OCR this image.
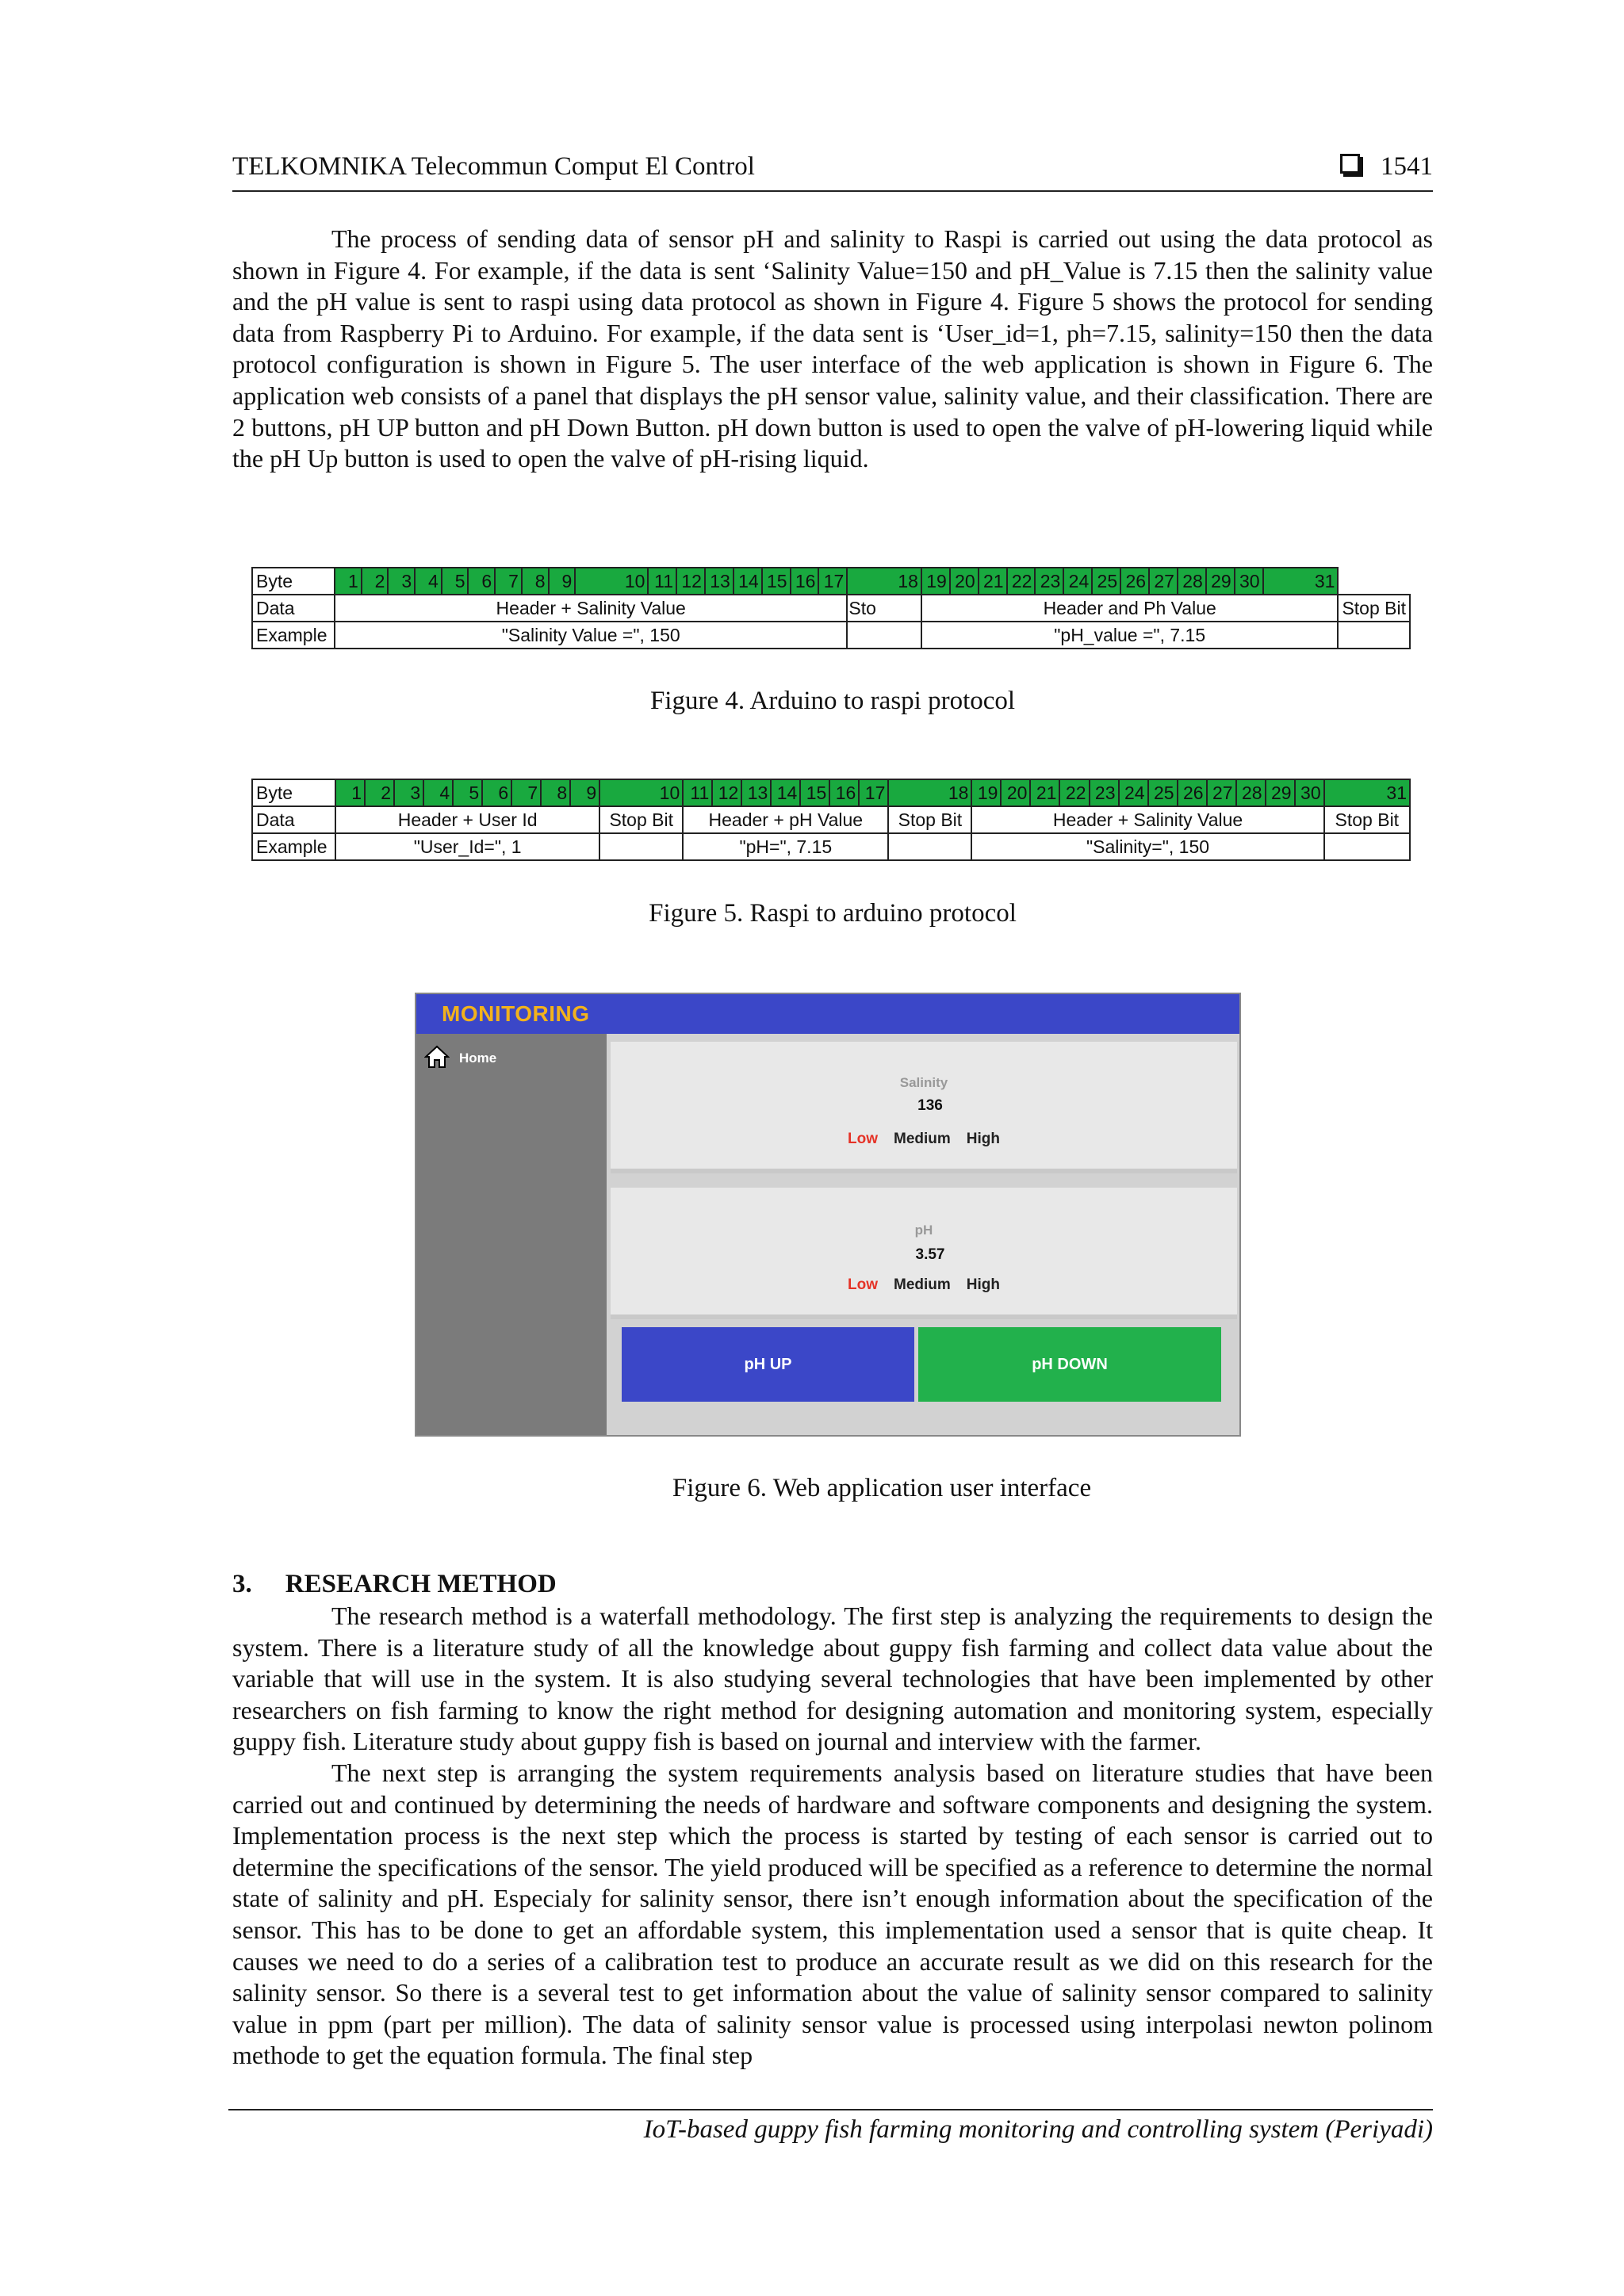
TELKOMNIKA Telecommun Comput El Control	1541

The process of sending data of sensor pH and salinity to Raspi is carried out using the data protocol as shown in Figure 4. For example, if the data is sent ‘Salinity Value=150 and pH_Value is 7.15 then the salinity value and the pH value is sent to raspi using data protocol as shown in Figure 4. Figure 5 shows the protocol for sending data from Raspberry Pi to Arduino. For example, if the data sent is ‘User_id=1, ph=7.15, salinity=150 then the data protocol configuration is shown in Figure 5. The user interface of the web application is shown in Figure 6. The application web consists of a panel that displays the pH sensor value, salinity value, and their classification. There are 2 buttons, pH UP button and pH Down Button. pH down button is used to open the valve of pH-lowering liquid while the pH Up button is used to open the valve of pH-rising liquid.

Byte	1	2	3	4	5	6	7	8	9	10	11	12	13	14	15	16	17	18	19	20	21	22	23	24	25	26	27	28	29	30	31	
Data	Header + Salinity Value																	Sto	Header and Ph Value													Stop Bit
Example	"Salinity Value =", 150																		"pH_value =", 7.15													
Figure 4. Arduino to raspi protocol
Byte	1	2	3	4	5	6	7	8	9	10	11	12	13	14	15	16	17	18	19	20	21	22	23	24	25	26	27	28	29	30	31
Data	Header + User Id									Stop Bit	Header + pH Value							Stop Bit	Header + Salinity Value												Stop Bit
Example	"User_Id=", 1										"pH=", 7.15								"Salinity=", 150												
Figure 5. Raspi to arduino protocol
MONITORING
Home
Salinity
136
Low Medium High
pH
3.57
Low Medium High
pH UP	pH DOWN
Figure 6. Web application user interface
3. RESEARCH METHOD

The research method is a waterfall methodology. The first step is analyzing the requirements to design the system. There is a literature study of all the knowledge about guppy fish farming and collect data value about the variable that will use in the system. It is also studying several technologies that have been implemented by other researchers on fish farming to know the right method for designing automation and monitoring system, especially guppy fish. Literature study about guppy fish is based on journal and interview with the farmer.

The next step is arranging the system requirements analysis based on literature studies that have been carried out and continued by determining the needs of hardware and software components and designing the system. Implementation process is the next step which the process is started by testing of each sensor is carried out to determine the specifications of the sensor. The yield produced will be specified as a reference to determine the normal state of salinity and pH. Especialy for salinity sensor, there isn’t enough information about the specification of the sensor. This has to be done to get an affordable system, this implementation used a sensor that is quite cheap. It causes we need to do a series of a calibration test to produce an accurate result as we did on this research for the salinity sensor. So there is a several test to get information about the value of salinity sensor compared to salinity value in ppm (part per million). The data of salinity sensor value is processed using interpolasi newton polinom methode to get the equation formula. The final step

IoT-based guppy fish farming monitoring and controlling system (Periyadi)
